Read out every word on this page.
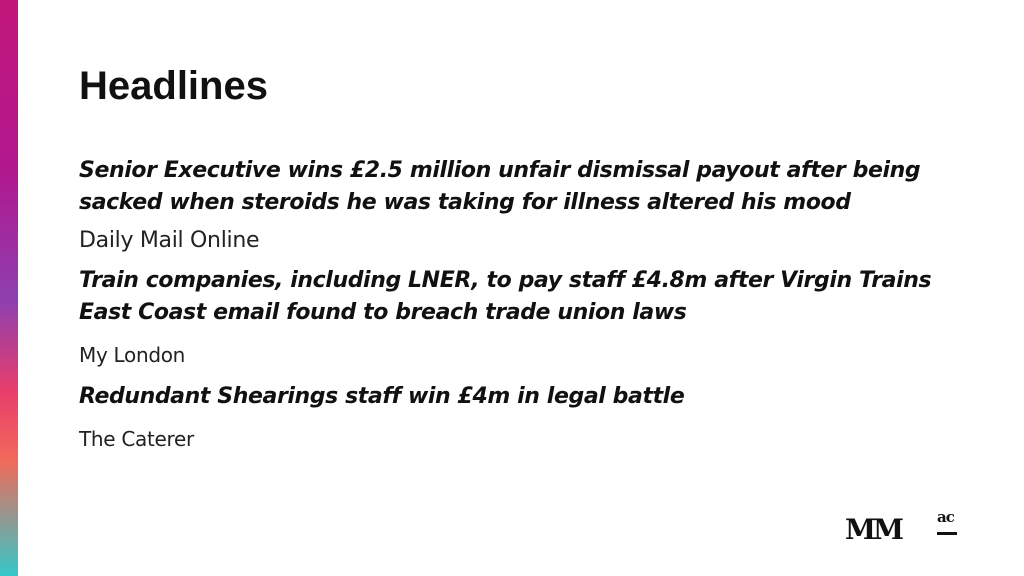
Headlines

Senior Executive wins £2.5 million unfair dismissal payout after being sacked when steroids he was taking for illness altered his mood

Daily Mail Online

Train companies, including LNER, to pay staff £4.8m after Virgin Trains East Coast email found to breach trade union laws

My London

Redundant Shearings staff win £4m in legal battle

The Caterer

MM ac
